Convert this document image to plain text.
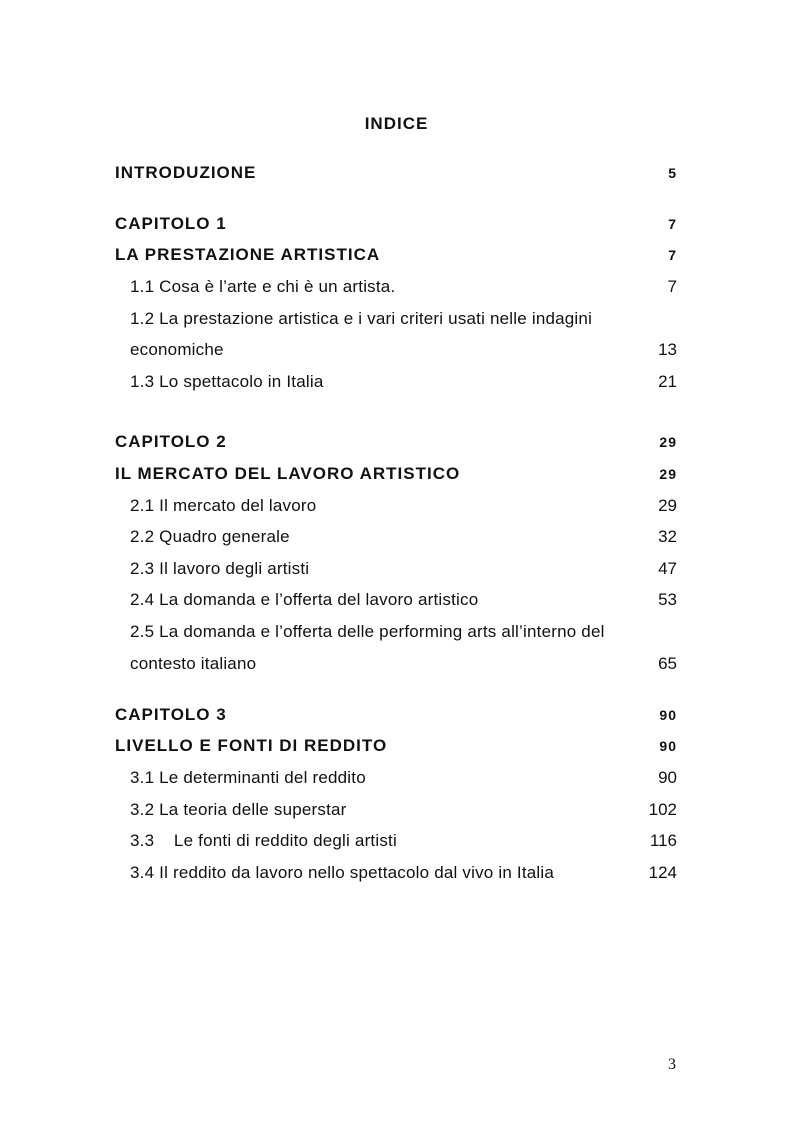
INDICE
INTRODUZIONE	5
CAPITOLO 1	7
LA PRESTAZIONE ARTISTICA	7
1.1 Cosa è l’arte e chi è un artista.	7
1.2 La prestazione artistica e i vari criteri usati nelle indagini
economiche	13
1.3 Lo spettacolo in Italia	21
CAPITOLO 2	29
IL MERCATO DEL LAVORO ARTISTICO	29
2.1 Il mercato del lavoro	29
2.2 Quadro generale	32
2.3 Il lavoro degli artisti	47
2.4 La domanda e l’offerta del lavoro artistico	53
2.5 La domanda e l’offerta delle performing arts all’interno del
contesto italiano	65
CAPITOLO 3	90
LIVELLO E FONTI DI REDDITO	90
3.1 Le determinanti del reddito	90
3.2 La teoria delle superstar	102
3.3    Le fonti di reddito degli artisti	116
3.4 Il reddito da lavoro nello spettacolo dal vivo in Italia	124
3
